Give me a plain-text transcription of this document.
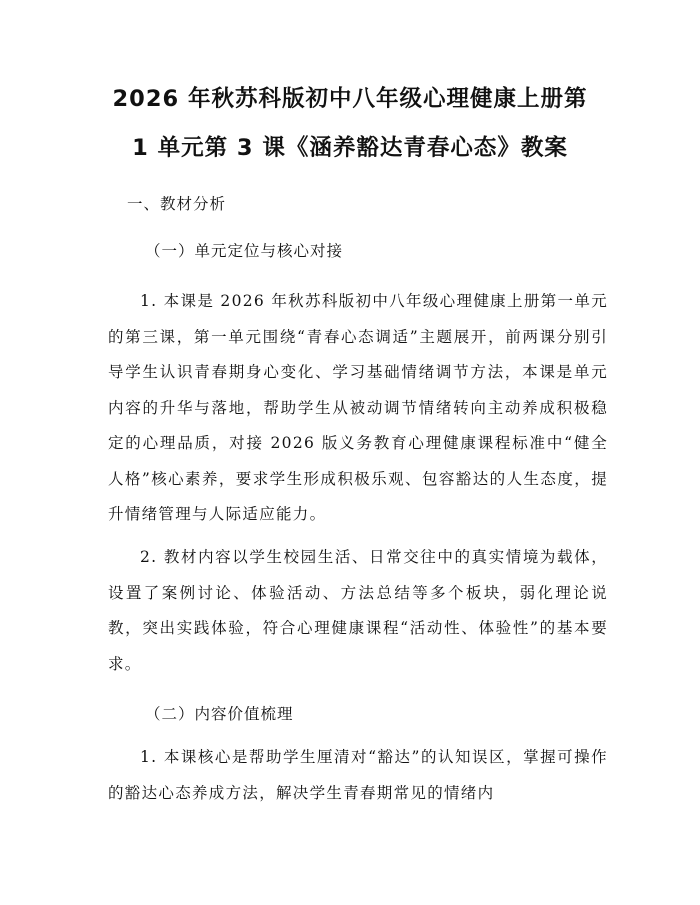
2026 年秋苏科版初中八年级心理健康上册第
1 单元第 3 课《涵养豁达青春心态》教案
一、教材分析
（一）单元定位与核心对接
1. 本课是 2026 年秋苏科版初中八年级心理健康上册第一单元的第三课，第一单元围绕“青春心态调适”主题展开，前两课分别引导学生认识青春期身心变化、学习基础情绪调节方法，本课是单元内容的升华与落地，帮助学生从被动调节情绪转向主动养成积极稳定的心理品质，对接 2026 版义务教育心理健康课程标准中“健全人格”核心素养，要求学生形成积极乐观、包容豁达的人生态度，提升情绪管理与人际适应能力。
2. 教材内容以学生校园生活、日常交往中的真实情境为载体，设置了案例讨论、体验活动、方法总结等多个板块，弱化理论说教，突出实践体验，符合心理健康课程“活动性、体验性”的基本要求。
（二）内容价值梳理
1. 本课核心是帮助学生厘清对“豁达”的认知误区，掌握可操作的豁达心态养成方法，解决学生青春期常见的情绪内
